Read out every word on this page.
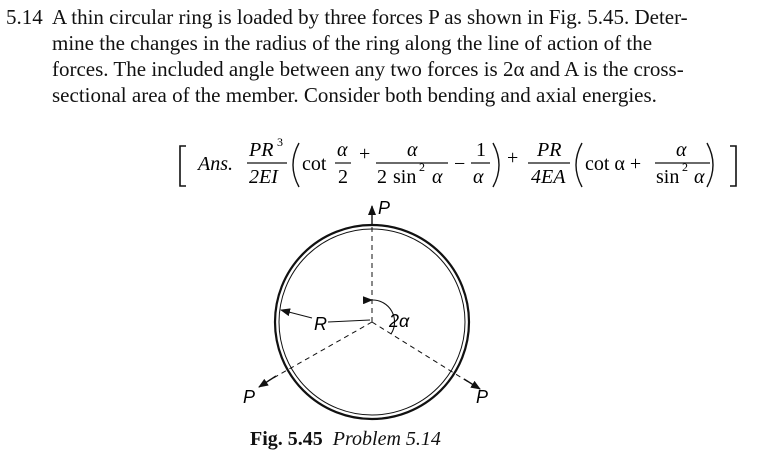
5.14 A thin circular ring is loaded by three forces P as shown in Fig. 5.45. Deter-
mine the changes in the radius of the ring along the line of action of the
forces. The included angle between any two forces is 2α and A is the cross-
sectional area of the member. Consider both bending and axial energies.
Ans.
PR 3
2EI
cot
α
2
+ α
2 sin 2 α
−
1
α
+ PR
4EA
cot α +
α
sin 2 α
P
P	P
R	2α
Fig. 5.45 Problem 5.14
